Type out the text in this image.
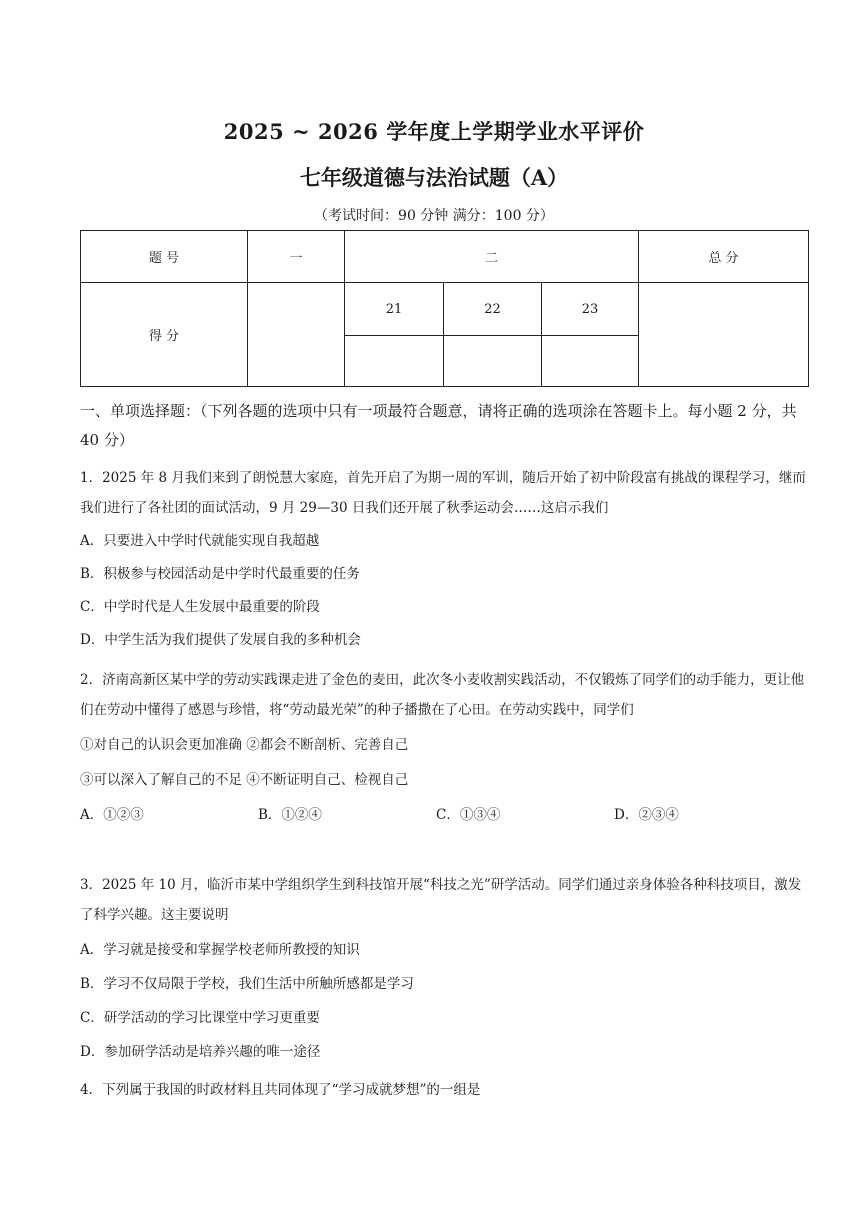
2025 ~ 2026 学年度上学期学业水平评价
七年级道德与法治试题（A）
（考试时间：90 分钟 满分：100 分）
题 号	一	二			总 分
得 分		21	22	23	

一、单项选择题：（下列各题的选项中只有一项最符合题意，请将正确的选项涂在答题卡上。每小题 2 分，共 40 分）
1．2025 年 8 月我们来到了朗悦慧大家庭，首先开启了为期一周的军训，随后开始了初中阶段富有挑战的课程学习，继而我们进行了各社团的面试活动，9 月 29—30 日我们还开展了秋季运动会……这启示我们
A．只要进入中学时代就能实现自我超越
B．积极参与校园活动是中学时代最重要的任务
C．中学时代是人生发展中最重要的阶段
D．中学生活为我们提供了发展自我的多种机会
2．济南高新区某中学的劳动实践课走进了金色的麦田，此次冬小麦收割实践活动，不仅锻炼了同学们的动手能力，更让他们在劳动中懂得了感恩与珍惜，将“劳动最光荣”的种子播撒在了心田。在劳动实践中，同学们
①对自己的认识会更加准确 ②都会不断剖析、完善自己
③可以深入了解自己的不足 ④不断证明自己、检视自己
A．①②③	B．①②④	C．①③④	D．②③④
3．2025 年 10 月，临沂市某中学组织学生到科技馆开展“科技之光”研学活动。同学们通过亲身体验各种科技项目，激发了科学兴趣。这主要说明
A．学习就是接受和掌握学校老师所教授的知识
B．学习不仅局限于学校，我们生活中所触所感都是学习
C．研学活动的学习比课堂中学习更重要
D．参加研学活动是培养兴趣的唯一途径
4．下列属于我国的时政材料且共同体现了“学习成就梦想”的一组是
